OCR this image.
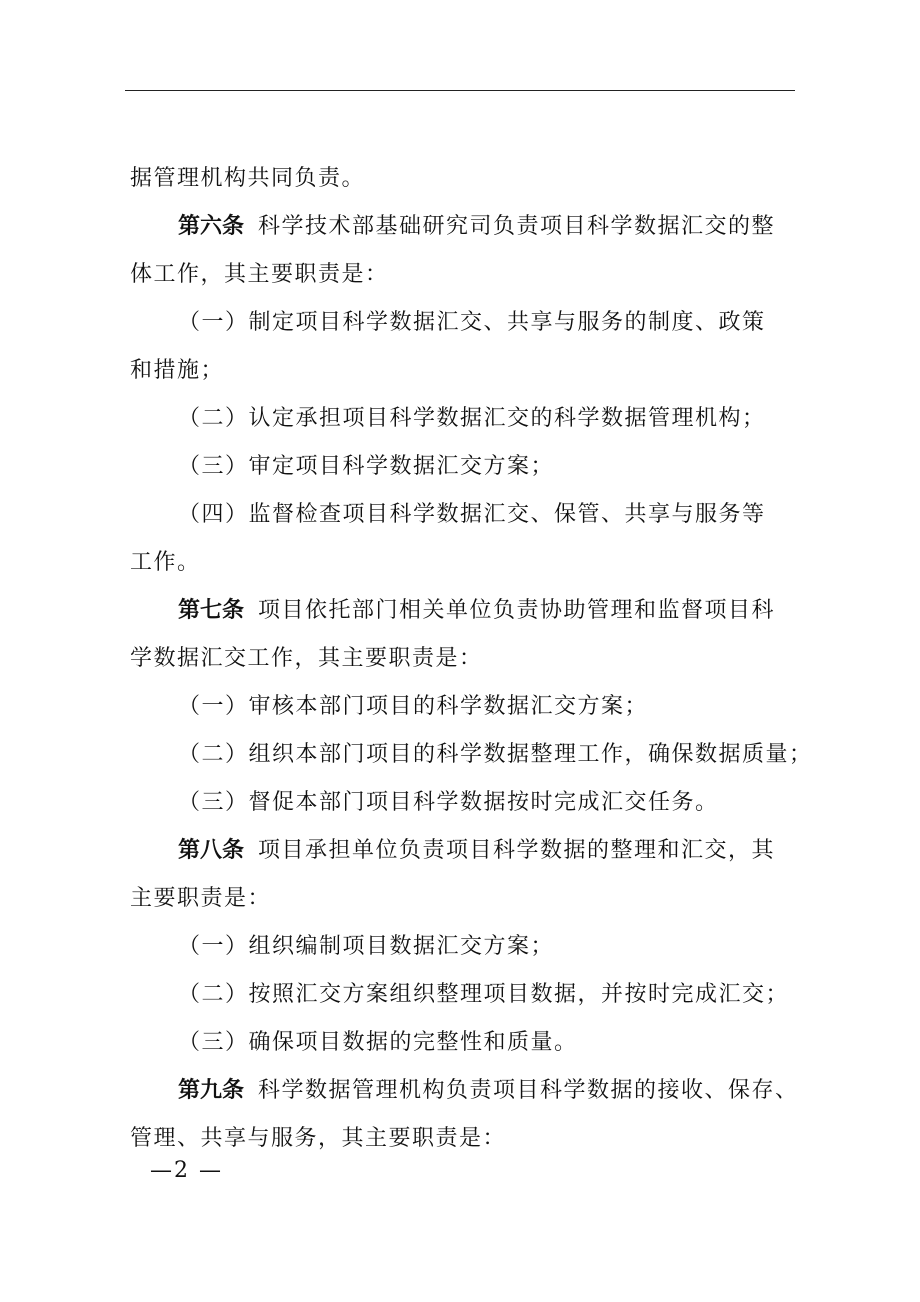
据管理机构共同负责。

第六条 科学技术部基础研究司负责项目科学数据汇交的整

体工作，其主要职责是：

（一）制定项目科学数据汇交、共享与服务的制度、政策

和措施；

（二）认定承担项目科学数据汇交的科学数据管理机构；

（三）审定项目科学数据汇交方案；

（四）监督检查项目科学数据汇交、保管、共享与服务等

工作。

第七条 项目依托部门相关单位负责协助管理和监督项目科

学数据汇交工作，其主要职责是：

（一）审核本部门项目的科学数据汇交方案；

（二）组织本部门项目的科学数据整理工作，确保数据质量；

（三）督促本部门项目科学数据按时完成汇交任务。

第八条 项目承担单位负责项目科学数据的整理和汇交，其

主要职责是：

（一）组织编制项目数据汇交方案；

（二）按照汇交方案组织整理项目数据，并按时完成汇交；

（三）确保项目数据的完整性和质量。

第九条 科学数据管理机构负责项目科学数据的接收、保存、

管理、共享与服务，其主要职责是：

—2 —
